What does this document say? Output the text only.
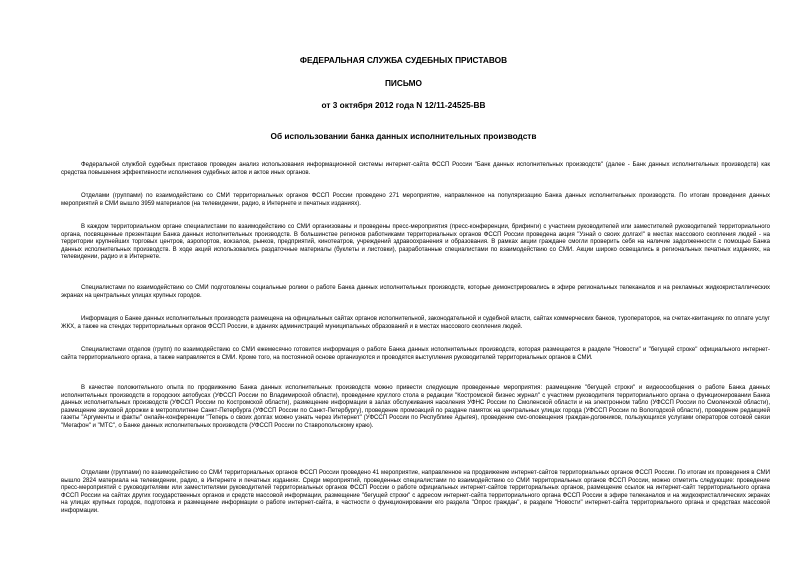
ФЕДЕРАЛЬНАЯ СЛУЖБА СУДЕБНЫХ ПРИСТАВОВ
ПИСЬМО
от 3 октября 2012 года N 12/11-24525-ВВ
Об использовании банка данных исполнительных производств

Федеральной службой судебных приставов проведен анализ использования информационной системы интернет-сайта ФССП России "Банк данных исполнительных производств" (далее - Банк данных исполнительных производств) как средства повышения эффективности исполнения судебных актов и актов иных органов.

Отделами (группами) по взаимодействию со СМИ территориальных органов ФССП России проведено 271 мероприятие, направленное на популяризацию Банка данных исполнительных производств. По итогам проведения данных мероприятий в СМИ вышло 3959 материалов (на телевидении, радио, в Интернете и печатных изданиях).

В каждом территориальном органе специалистами по взаимодействию со СМИ организованы и проведены пресс-мероприятия (пресс-конференции, брифинги) с участием руководителей или заместителей руководителей территориального органа, посвященные презентации Банка данных исполнительных производств. В большинстве регионов работниками территориальных органов ФССП России проведена акция "Узнай о своих долгах!" в местах массового скопления людей - на территории крупнейших торговых центров, аэропортов, вокзалов, рынков, предприятий, кинотеатров, учреждений здравоохранения и образования. В рамках акции граждане смогли проверить себя на наличие задолженности с помощью Банка данных исполнительных производств. В ходе акций использовались раздаточные материалы (буклеты и листовки), разработанные специалистами по взаимодействию со СМИ. Акции широко освещались в региональных печатных изданиях, на телевидении, радио и в Интернете.

Специалистами по взаимодействию со СМИ подготовлены социальные ролики о работе Банка данных исполнительных производств, которые демонстрировались в эфире региональных телеканалов и на рекламных жидкокристаллических экранах на центральных улицах крупных городов.

Информация о Банке данных исполнительных производств размещена на официальных сайтах органов исполнительной, законодательной и судебной власти, сайтах коммерческих банков, туроператоров, на счетах-квитанциях по оплате услуг ЖКХ, а также на стендах территориальных органов ФССП России, в зданиях администраций муниципальных образований и в местах массового скопления людей.

Специалистами отделов (групп) по взаимодействию со СМИ ежемесячно готовится информация о работе Банка данных исполнительных производств, которая размещается в разделе "Новости" и "бегущей строке" официального интернет-сайта территориального органа, а также направляется в СМИ. Кроме того, на постоянной основе организуются и проводятся выступления руководителей территориальных органов в СМИ.

В качестве положительного опыта по продвижению Банка данных исполнительных производств можно привести следующие проведенные мероприятия: размещение "бегущей строки" и видеосообщения о работе Банка данных исполнительных производств в городских автобусах (УФССП России по Владимирской области), проведение круглого стола в редакции "Костромской бизнес журнал" с участием руководителя территориального органа о функционировании Банка данных исполнительных производств (УФССП России по Костромской области), размещение информации в залах обслуживания населения УФНС России по Смоленской области и на электронном табло (УФССП России по Смоленской области), размещение звуковой дорожки в метрополитене Санкт-Петербурга (УФССП России по Санкт-Петербургу), проведение промоакций по раздаче памяток на центральных улицах города (УФССП России по Вологодской области), проведение редакцией газеты "Аргументы и факты" онлайн-конференции "Теперь о своих долгах можно узнать через Интернет" (УФССП России по Республике Адыгея), проведение смс-оповещения граждан-должников, пользующихся услугами операторов сотовой связи "Мегафон" и "МТС", о Банке данных исполнительных производств (УФССП России по Ставропольскому краю).

Отделами (группами) по взаимодействию со СМИ территориальных органов ФССП России проведено 41 мероприятие, направленное на продвижение интернет-сайтов территориальных органов ФССП России. По итогам их проведения в СМИ вышло 2824 материала на телевидении, радио, в Интернете и печатных изданиях. Среди мероприятий, проведенных специалистами по взаимодействию со СМИ территориальных органов ФССП России, можно отметить следующие: проведение пресс-мероприятий с руководителями или заместителями руководителей территориальных органов ФССП России о работе официальных интернет-сайтов территориальных органов, размещение ссылок на интернет-сайт территориального органа ФССП России на сайтах других государственных органов и средств массовой информации, размещение "бегущей строки" с адресом интернет-сайта территориального органа ФССП России в эфире телеканалов и на жидкокристаллических экранах на улицах крупных городов, подготовка и размещение информации о работе интернет-сайта, в частности о функционировании его раздела "Опрос граждан", в разделе "Новости" интернет-сайта территориального органа и средствах массовой информации.
